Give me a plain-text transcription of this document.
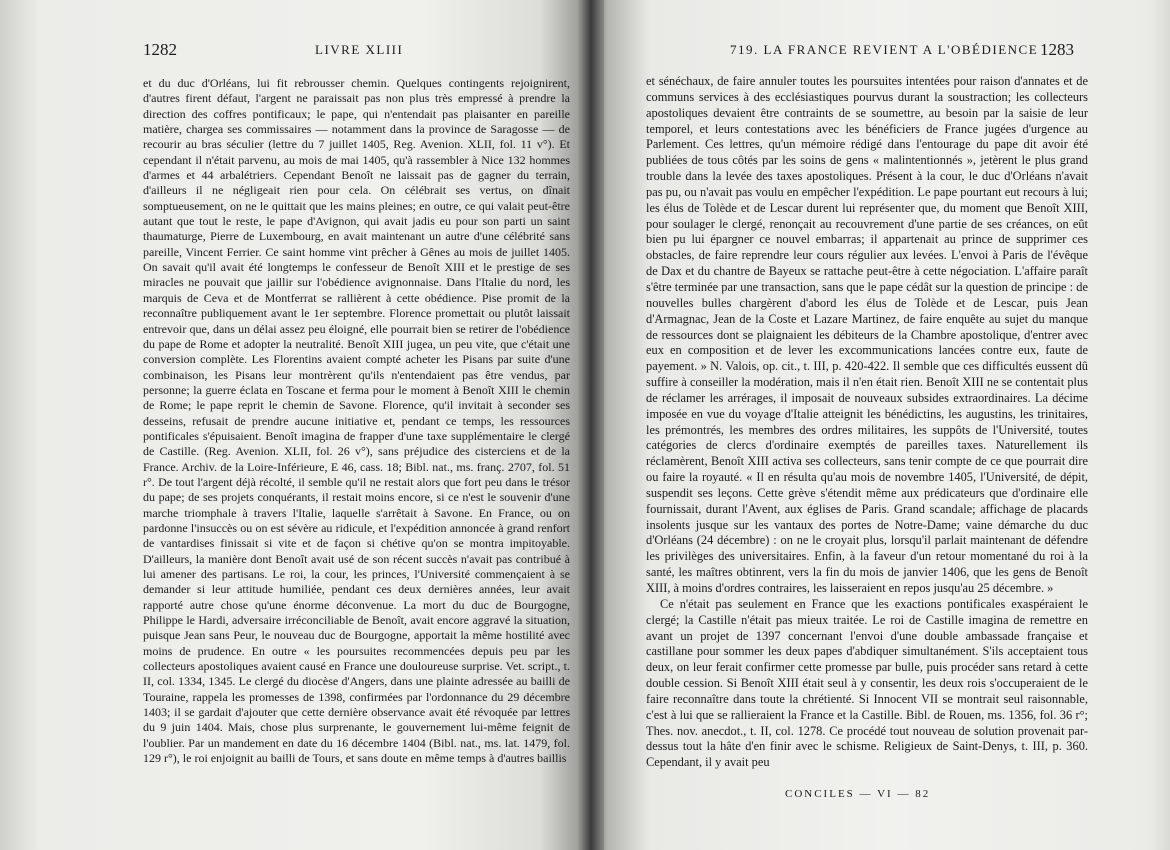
1282	LIVRE XLIII

et du duc d'Orléans, lui fit rebrousser chemin. Quelques contingents rejoignirent, d'autres firent défaut, l'argent ne paraissait pas non plus très empressé à prendre la direction des coffres pontificaux; le pape, qui n'entendait pas plaisanter en pareille matière, chargea ses commissaires — notamment dans la province de Saragosse — de recourir au bras séculier (lettre du 7 juillet 1405, Reg. Avenion. XLII, fol. 11 v°). Et cependant il n'était parvenu, au mois de mai 1405, qu'à rassembler à Nice 132 hommes d'armes et 44 arbalétriers. Cependant Benoît ne laissait pas de gagner du terrain, d'ailleurs il ne négligeait rien pour cela. On célébrait ses vertus, on dînait somptueusement, on ne le quittait que les mains pleines; en outre, ce qui valait peut-être autant que tout le reste, le pape d'Avignon, qui avait jadis eu pour son parti un saint thaumaturge, Pierre de Luxembourg, en avait maintenant un autre d'une célébrité sans pareille, Vincent Ferrier. Ce saint homme vint prêcher à Gênes au mois de juillet 1405. On savait qu'il avait été longtemps le confesseur de Benoît XIII et le prestige de ses miracles ne pouvait que jaillir sur l'obédience avignonnaise. Dans l'Italie du nord, les marquis de Ceva et de Montferrat se rallièrent à cette obédience. Pise promit de la reconnaître publiquement avant le 1er septembre. Florence promettait ou plutôt laissait entrevoir que, dans un délai assez peu éloigné, elle pourrait bien se retirer de l'obédience du pape de Rome et adopter la neutralité. Benoît XIII jugea, un peu vite, que c'était une conversion complète. Les Florentins avaient compté acheter les Pisans par suite d'une combinaison, les Pisans leur montrèrent qu'ils n'entendaient pas être vendus, par personne; la guerre éclata en Toscane et ferma pour le moment à Benoît XIII le chemin de Rome; le pape reprit le chemin de Savone. Florence, qu'il invitait à seconder ses desseins, refusait de prendre aucune initiative et, pendant ce temps, les ressources pontificales s'épuisaient. Benoît imagina de frapper d'une taxe supplémentaire le clergé de Castille. (Reg. Avenion. XLII, fol. 26 v°), sans préjudice des cisterciens et de la France. Archiv. de la Loire-Inférieure, E 46, cass. 18; Bibl. nat., ms. franç. 2707, fol. 51 r°. De tout l'argent déjà récolté, il semble qu'il ne restait alors que fort peu dans le trésor du pape; de ses projets conquérants, il restait moins encore, si ce n'est le souvenir d'une marche triomphale à travers l'Italie, laquelle s'arrêtait à Savone. En France, ou on pardonne l'insuccès ou on est sévère au ridicule, et l'expédition annoncée à grand renfort de vantardises finissait si vite et de façon si chétive qu'on se montra impitoyable. D'ailleurs, la manière dont Benoît avait usé de son récent succès n'avait pas contribué à lui amener des partisans. Le roi, la cour, les princes, l'Université commençaient à se demander si leur attitude humiliée, pendant ces deux dernières années, leur avait rapporté autre chose qu'une énorme déconvenue. La mort du duc de Bourgogne, Philippe le Hardi, adversaire irréconciliable de Benoît, avait encore aggravé la situation, puisque Jean sans Peur, le nouveau duc de Bourgogne, apportait la même hostilité avec moins de prudence. En outre « les poursuites recommencées depuis peu par les collecteurs apostoliques avaient causé en France une douloureuse surprise. Vet. script., t. II, col. 1334, 1345. Le clergé du diocèse d'Angers, dans une plainte adressée au bailli de Touraine, rappela les promesses de 1398, confirmées par l'ordonnance du 29 décembre 1403; il se gardait d'ajouter que cette dernière observance avait été révoquée par lettres du 9 juin 1404. Mais, chose plus surprenante, le gouvernement lui-même feignit de l'oublier. Par un mandement en date du 16 décembre 1404 (Bibl. nat., ms. lat. 1479, fol. 129 r°), le roi enjoignit au bailli de Tours, et sans doute en même temps à d'autres baillis

719. LA FRANCE REVIENT A L'OBÉDIENCE 1283

et sénéchaux, de faire annuler toutes les poursuites intentées pour raison d'annates et de communs services à des ecclésiastiques pourvus durant la soustraction; les collecteurs apostoliques devaient être contraints de se soumettre, au besoin par la saisie de leur temporel, et leurs contestations avec les bénéficiers de France jugées d'urgence au Parlement. Ces lettres, qu'un mémoire rédigé dans l'entourage du pape dit avoir été publiées de tous côtés par les soins de gens « malintentionnés », jetèrent le plus grand trouble dans la levée des taxes apostoliques. Présent à la cour, le duc d'Orléans n'avait pas pu, ou n'avait pas voulu en empêcher l'expédition. Le pape pourtant eut recours à lui; les élus de Tolède et de Lescar durent lui représenter que, du moment que Benoît XIII, pour soulager le clergé, renonçait au recouvrement d'une partie de ses créances, on eût bien pu lui épargner ce nouvel embarras; il appartenait au prince de supprimer ces obstacles, de faire reprendre leur cours régulier aux levées. L'envoi à Paris de l'évêque de Dax et du chantre de Bayeux se rattache peut-être à cette négociation. L'affaire paraît s'être terminée par une transaction, sans que le pape cédât sur la question de principe : de nouvelles bulles chargèrent d'abord les élus de Tolède et de Lescar, puis Jean d'Armagnac, Jean de la Coste et Lazare Martinez, de faire enquête au sujet du manque de ressources dont se plaignaient les débiteurs de la Chambre apostolique, d'entrer avec eux en composition et de lever les excommunications lancées contre eux, faute de payement. » N. Valois, op. cit., t. III, p. 420-422. Il semble que ces difficultés eussent dû suffire à conseiller la modération, mais il n'en était rien. Benoît XIII ne se contentait plus de réclamer les arrérages, il imposait de nouveaux subsides extraordinaires. La décime imposée en vue du voyage d'Italie atteignit les bénédictins, les augustins, les trinitaires, les prémontrés, les membres des ordres militaires, les suppôts de l'Université, toutes catégories de clercs d'ordinaire exemptés de pareilles taxes. Naturellement ils réclamèrent, Benoît XIII activa ses collecteurs, sans tenir compte de ce que pourrait dire ou faire la royauté. « Il en résulta qu'au mois de novembre 1405, l'Université, de dépit, suspendit ses leçons. Cette grève s'étendit même aux prédicateurs que d'ordinaire elle fournissait, durant l'Avent, aux églises de Paris. Grand scandale; affichage de placards insolents jusque sur les vantaux des portes de Notre-Dame; vaine démarche du duc d'Orléans (24 décembre) : on ne le croyait plus, lorsqu'il parlait maintenant de défendre les privilèges des universitaires. Enfin, à la faveur d'un retour momentané du roi à la santé, les maîtres obtinrent, vers la fin du mois de janvier 1406, que les gens de Benoît XIII, à moins d'ordres contraires, les laisseraient en repos jusqu'au 25 décembre. »

Ce n'était pas seulement en France que les exactions pontificales exaspéraient le clergé; la Castille n'était pas mieux traitée. Le roi de Castille imagina de remettre en avant un projet de 1397 concernant l'envoi d'une double ambassade française et castillane pour sommer les deux papes d'abdiquer simultanément. S'ils acceptaient tous deux, on leur ferait confirmer cette promesse par bulle, puis procéder sans retard à cette double cession. Si Benoît XIII était seul à y consentir, les deux rois s'occuperaient de le faire reconnaître dans toute la chrétienté. Si Innocent VII se montrait seul raisonnable, c'est à lui que se rallieraient la France et la Castille. Bibl. de Rouen, ms. 1356, fol. 36 r°; Thes. nov. anecdot., t. II, col. 1278. Ce procédé tout nouveau de solution provenait par-dessus tout la hâte d'en finir avec le schisme. Religieux de Saint-Denys, t. III, p. 360. Cependant, il y avait peu

CONCILES — VI — 82
